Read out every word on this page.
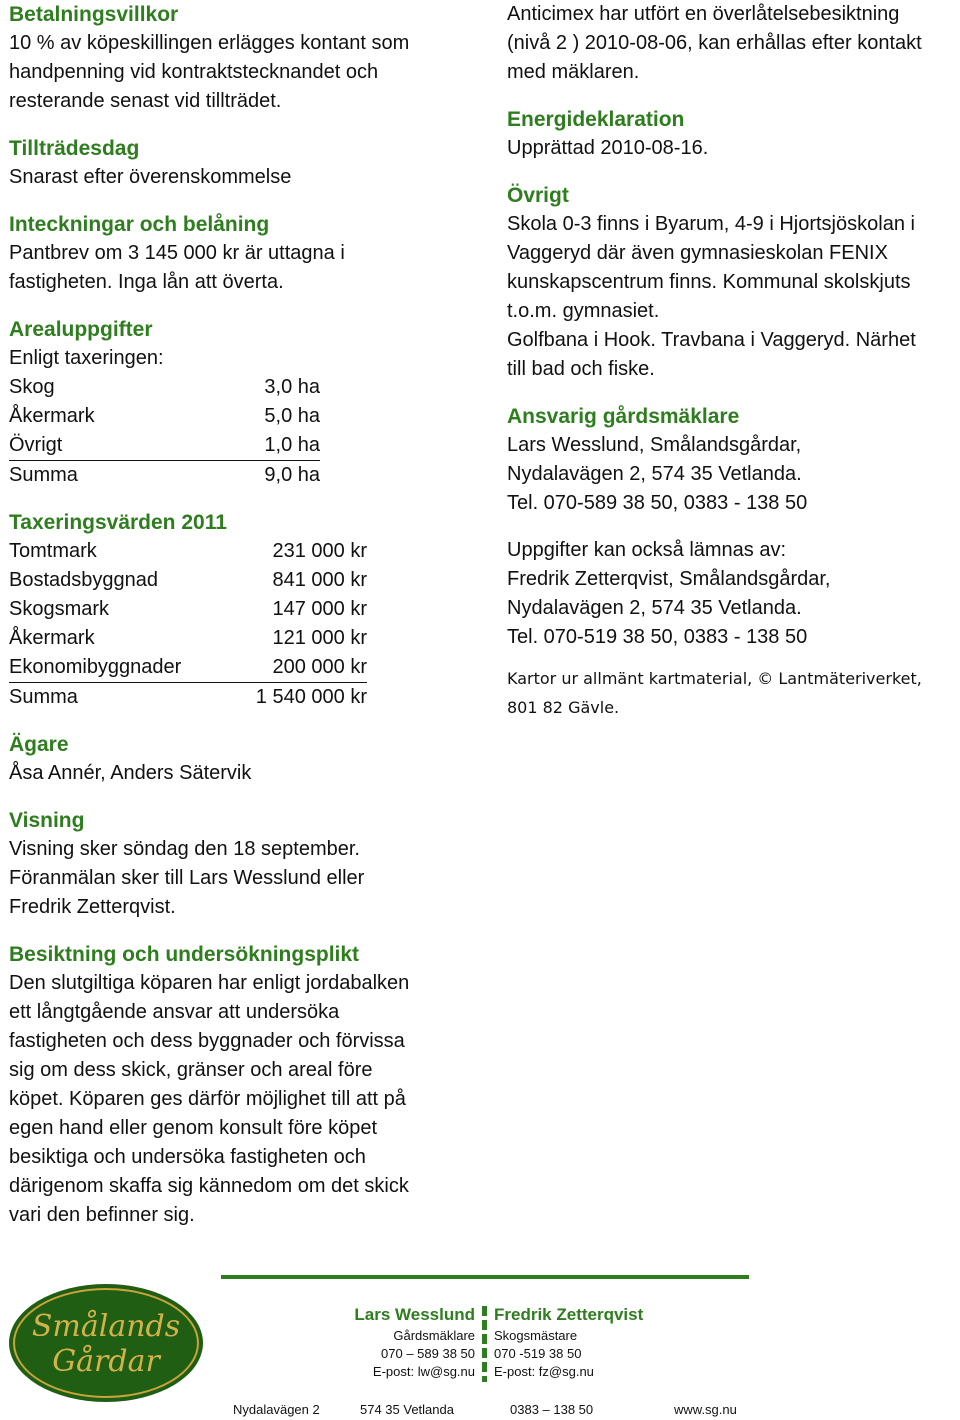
Betalningsvillkor
10 % av köpeskillingen erlägges kontant som
handpenning vid kontraktstecknandet och
resterande senast vid tillträdet.
Tillträdesdag
Snarast efter överenskommelse
Inteckningar och belåning
Pantbrev om 3 145 000 kr är uttagna i
fastigheten. Inga lån att överta.
Arealuppgifter
Enligt taxeringen:
Skog	3,0 ha
Åkermark	5,0 ha
Övrigt	1,0 ha
Summa	9,0 ha
Taxeringsvärden 2011
Tomtmark	231 000 kr
Bostadsbyggnad	841 000 kr
Skogsmark	147 000 kr
Åkermark	121 000 kr
Ekonomibyggnader	200 000 kr
Summa	1 540 000 kr
Ägare
Åsa Annér, Anders Sätervik
Visning
Visning sker söndag den 18 september.
Föranmälan sker till Lars Wesslund eller
Fredrik Zetterqvist.
Besiktning och undersökningsplikt
Den slutgiltiga köparen har enligt jordabalken
ett långtgående ansvar att undersöka
fastigheten och dess byggnader och förvissa
sig om dess skick, gränser och areal före
köpet. Köparen ges därför möjlighet till att på
egen hand eller genom konsult före köpet
besiktiga och undersöka fastigheten och
därigenom skaffa sig kännedom om det skick
vari den befinner sig.
Anticimex har utfört en överlåtelsebesiktning
(nivå 2 ) 2010-08-06, kan erhållas efter kontakt
med mäklaren.
Energideklaration
Upprättad 2010-08-16.
Övrigt
Skola 0-3 finns i Byarum, 4-9 i Hjortsjöskolan i
Vaggeryd där även gymnasieskolan FENIX
kunskapscentrum finns. Kommunal skolskjuts
t.o.m. gymnasiet.
Golfbana i Hook. Travbana i Vaggeryd. Närhet
till bad och fiske.
Ansvarig gårdsmäklare
Lars Wesslund, Smålandsgårdar,
Nydalavägen 2, 574 35 Vetlanda.
Tel. 070-589 38 50, 0383 - 138 50
Uppgifter kan också lämnas av:
Fredrik Zetterqvist, Smålandsgårdar,
Nydalavägen 2, 574 35 Vetlanda.
Tel. 070-519 38 50, 0383 - 138 50
Kartor ur allmänt kartmaterial, © Lantmäteriverket,
801 82 Gävle.
Smålands
Gårdar
Lars Wesslund
Gårdsmäklare
070 – 589 38 50
E-post: lw@sg.nu
Fredrik Zetterqvist
Skogsmästare
070 -519 38 50
E-post: fz@sg.nu
Nydalavägen 2	574 35 Vetlanda	0383 – 138 50	www.sg.nu
